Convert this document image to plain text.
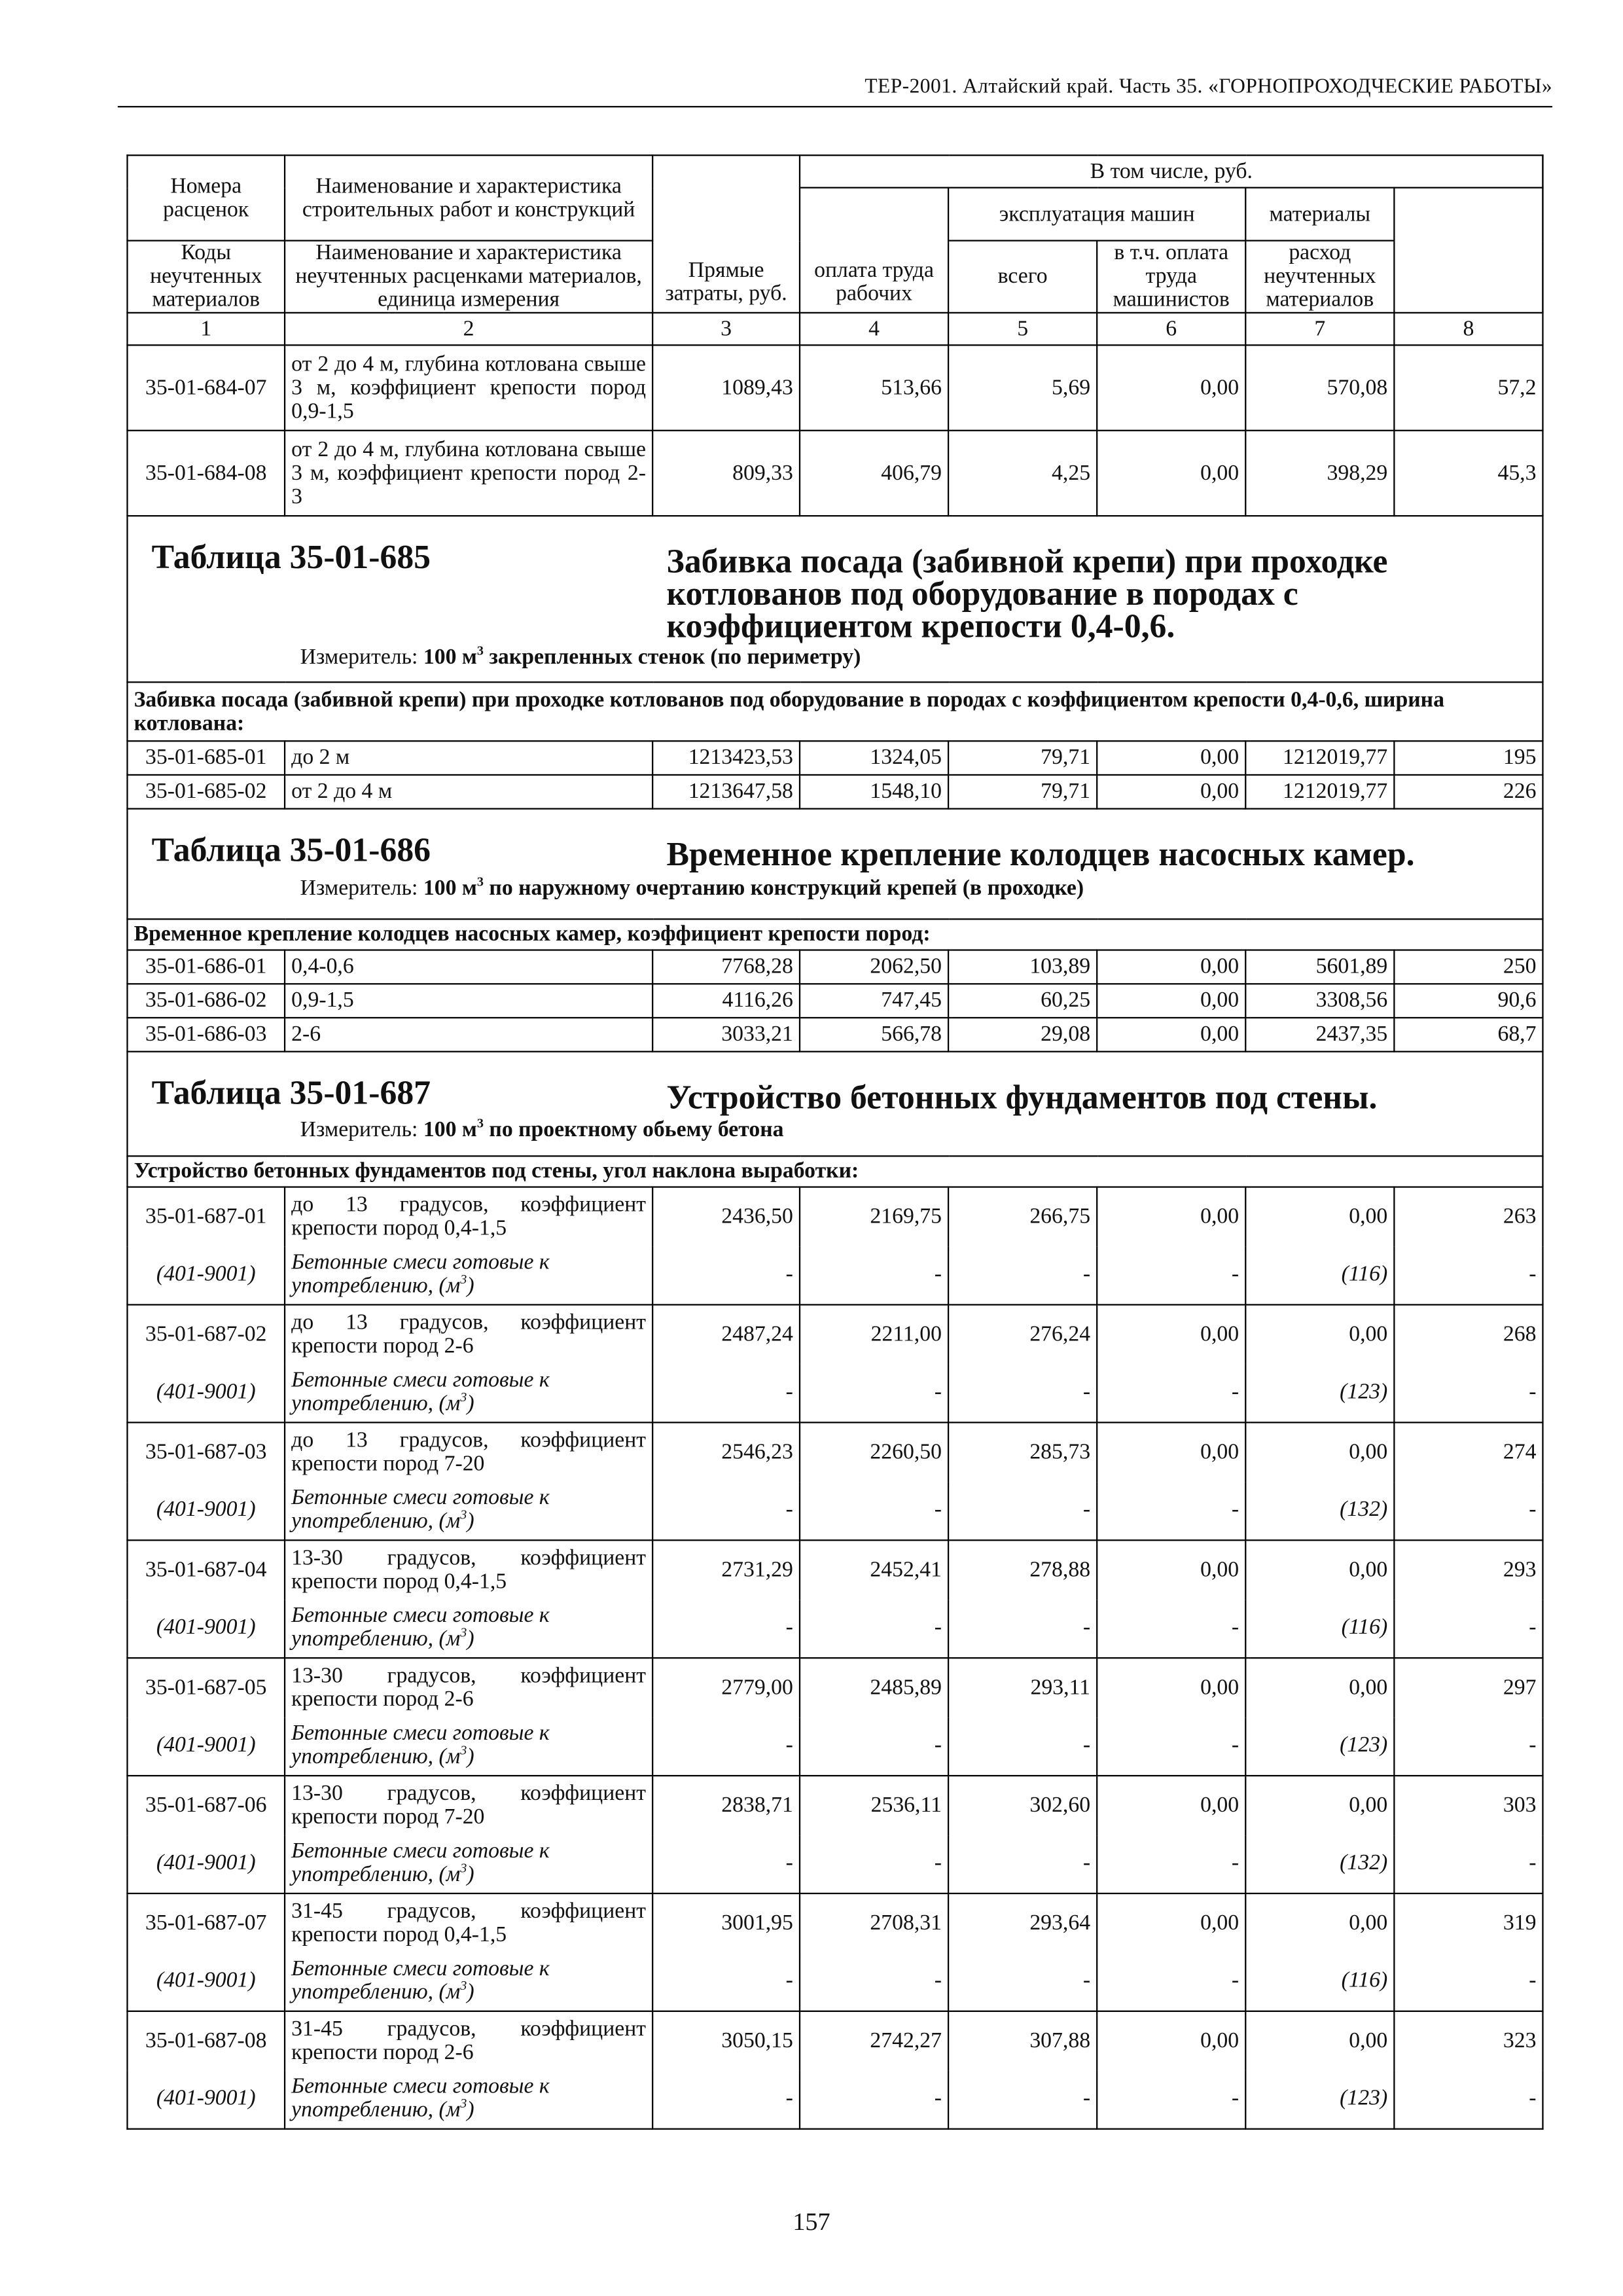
ТЕР-2001. Алтайский край. Часть 35. «ГОРНОПРОХОДЧЕСКИЕ РАБОТЫ»
Номера расценок	Наименование и характеристика строительных работ и конструкций	Прямые затраты, руб.	В том числе, руб.	
			оплата труда рабочих	эксплуатация машин		материалы		
Коды неучтенных материалов	Наименование и характеристика неучтенных расценками материалов, единица измерения			всего	в т.ч. оплата труда машинистов	расход неучтенных материалов		
1	2	3	4	5	6	7	8	
35-01-684-07	от 2 до 4 м, глубина котлована свыше 3 м, коэффициент крепости пород 0,9-1,5	1089,43	513,66	5,69	0,00	570,08	57,2	
35-01-684-08	от 2 до 4 м, глубина котлована свыше 3 м, коэффициент крепости пород 2-3	809,33	406,79	4,25	0,00	398,29	45,3	

Таблица 35-01-685 Забивка посада (забивной крепи) при проходке котлованов под оборудование в породах с коэффициентом крепости 0,4-0,6.
Измеритель: 100 $м^3$ закрепленных стенок (по периметру)								

Забивка посада (забивной крепи) при проходке котлованов под оборудование в породах с коэффициентом крепости 0,4-0,6, ширина котлована:								
35-01-685-01	до 2 м	1213423,53	1324,05	79,71	0,00	1212019,77	195	
35-01-685-02	от 2 до 4 м	1213647,58	1548,10	79,71	0,00	1212019,77	226	

Таблица 35-01-686 Временное крепление колодцев насосных камер.
Измеритель: 100 $м^3$ по наружному очертанию конструкций крепей (в проходке)								

Временное крепление колодцев насосных камер, коэффициент крепости пород:								
35-01-686-01	0,4-0,6	7768,28	2062,50	103,89	0,00	5601,89	250	
35-01-686-02	0,9-1,5	4116,26	747,45	60,25	0,00	3308,56	90,6	
35-01-686-03	2-6	3033,21	566,78	29,08	0,00	2437,35	68,7	

Таблица 35-01-687 Устройство бетонных фундаментов под стены.
Измеритель: 100 $м^3$ по проектному обьему бетона								

Устройство бетонных фундаментов под стены, угол наклона выработки:								
35-01-687-01	до 13 градусов, коэффициент крепости пород 0,4-1,5	2436,50	2169,75	266,75	0,00	0,00	263	
(401-9001)	Бетонные смеси готовые к употреблению, $(м^3)$	-	-	-	-	(116)	-	
35-01-687-02	до 13 градусов, коэффициент крепости пород 2-6	2487,24	2211,00	276,24	0,00	0,00	268	
(401-9001)	Бетонные смеси готовые к употреблению, $(м^3)$	-	-	-	-	(123)	-	
35-01-687-03	до 13 градусов, коэффициент крепости пород 7-20	2546,23	2260,50	285,73	0,00	0,00	274	
(401-9001)	Бетонные смеси готовые к употреблению, $(м^3)$	-	-	-	-	(132)	-	
35-01-687-04	13-30 градусов, коэффициент крепости пород 0,4-1,5	2731,29	2452,41	278,88	0,00	0,00	293	
(401-9001)	Бетонные смеси готовые к употреблению, $(м^3)$	-	-	-	-	(116)	-	
35-01-687-05	13-30 градусов, коэффициент крепости пород 2-6	2779,00	2485,89	293,11	0,00	0,00	297	
(401-9001)	Бетонные смеси готовые к употреблению, $(м^3)$	-	-	-	-	(123)	-	
35-01-687-06	13-30 градусов, коэффициент крепости пород 7-20	2838,71	2536,11	302,60	0,00	0,00	303	
(401-9001)	Бетонные смеси готовые к употреблению, $(м^3)$	-	-	-	-	(132)	-	
35-01-687-07	31-45 градусов, коэффициент крепости пород 0,4-1,5	3001,95	2708,31	293,64	0,00	0,00	319	
(401-9001)	Бетонные смеси готовые к употреблению, $(м^3)$	-	-	-	-	(116)	-	
35-01-687-08	31-45 градусов, коэффициент крепости пород 2-6	3050,15	2742,27	307,88	0,00	0,00	323	
(401-9001)	Бетонные смеси готовые к употреблению, $(м^3)$	-	-	-	-	(123)	-	
157
